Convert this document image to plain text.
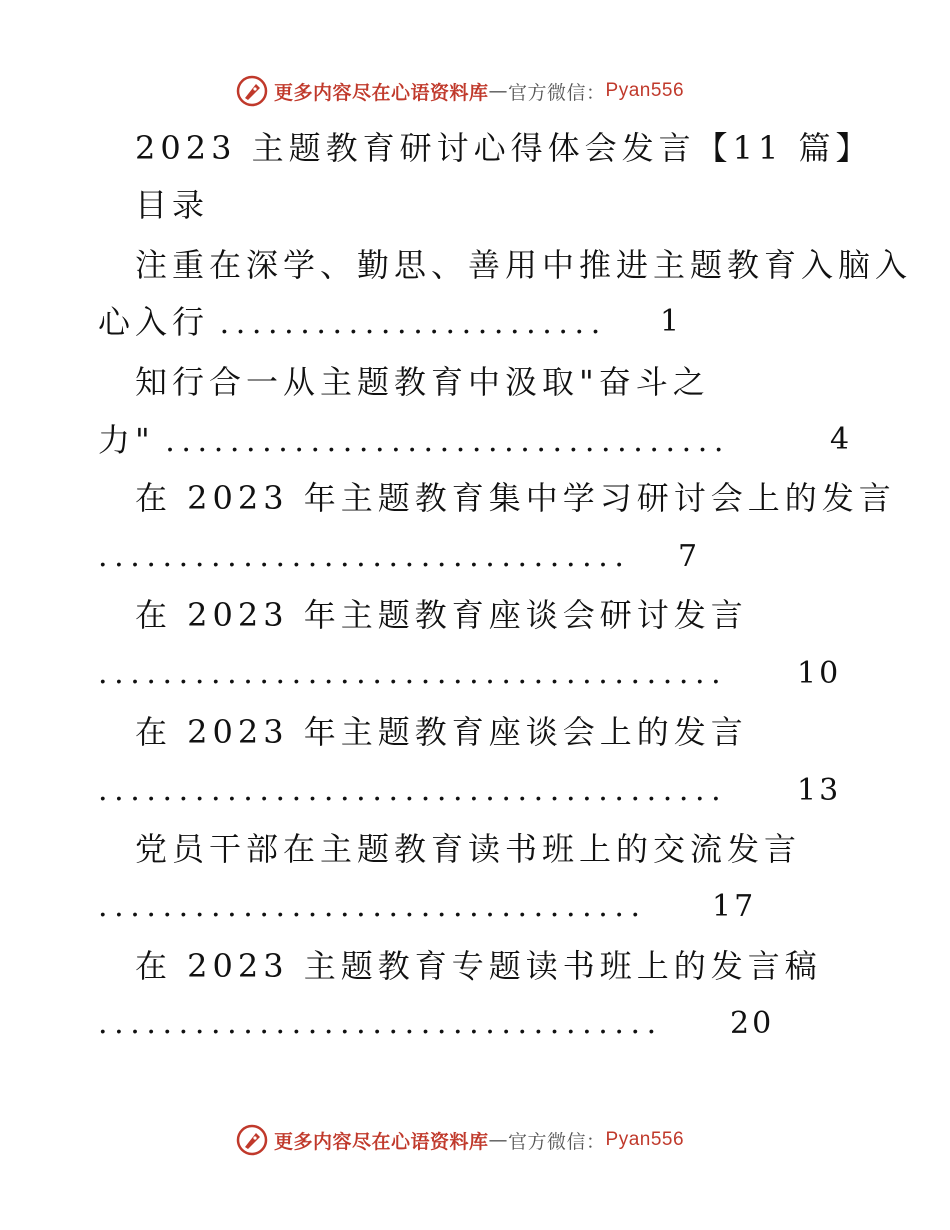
更多内容尽在心语资料库 — 官方微信： Pyan556
2023 主题教育研讨心得体会发言【11 篇】
目录
注重在深学、勤思、善用中推进主题教育入脑入
心入行 ........................ 1
知行合一从主题教育中汲取"奋斗之
力" ...................................	4
在 2023 年主题教育集中学习研讨会上的发言
................................. 7
在 2023 年主题教育座谈会研讨发言
....................................... 10
在 2023 年主题教育座谈会上的发言
....................................... 13
党员干部在主题教育读书班上的交流发言
.................................. 17
在 2023 主题教育专题读书班上的发言稿
................................... 20
更多内容尽在心语资料库 — 官方微信： Pyan556
